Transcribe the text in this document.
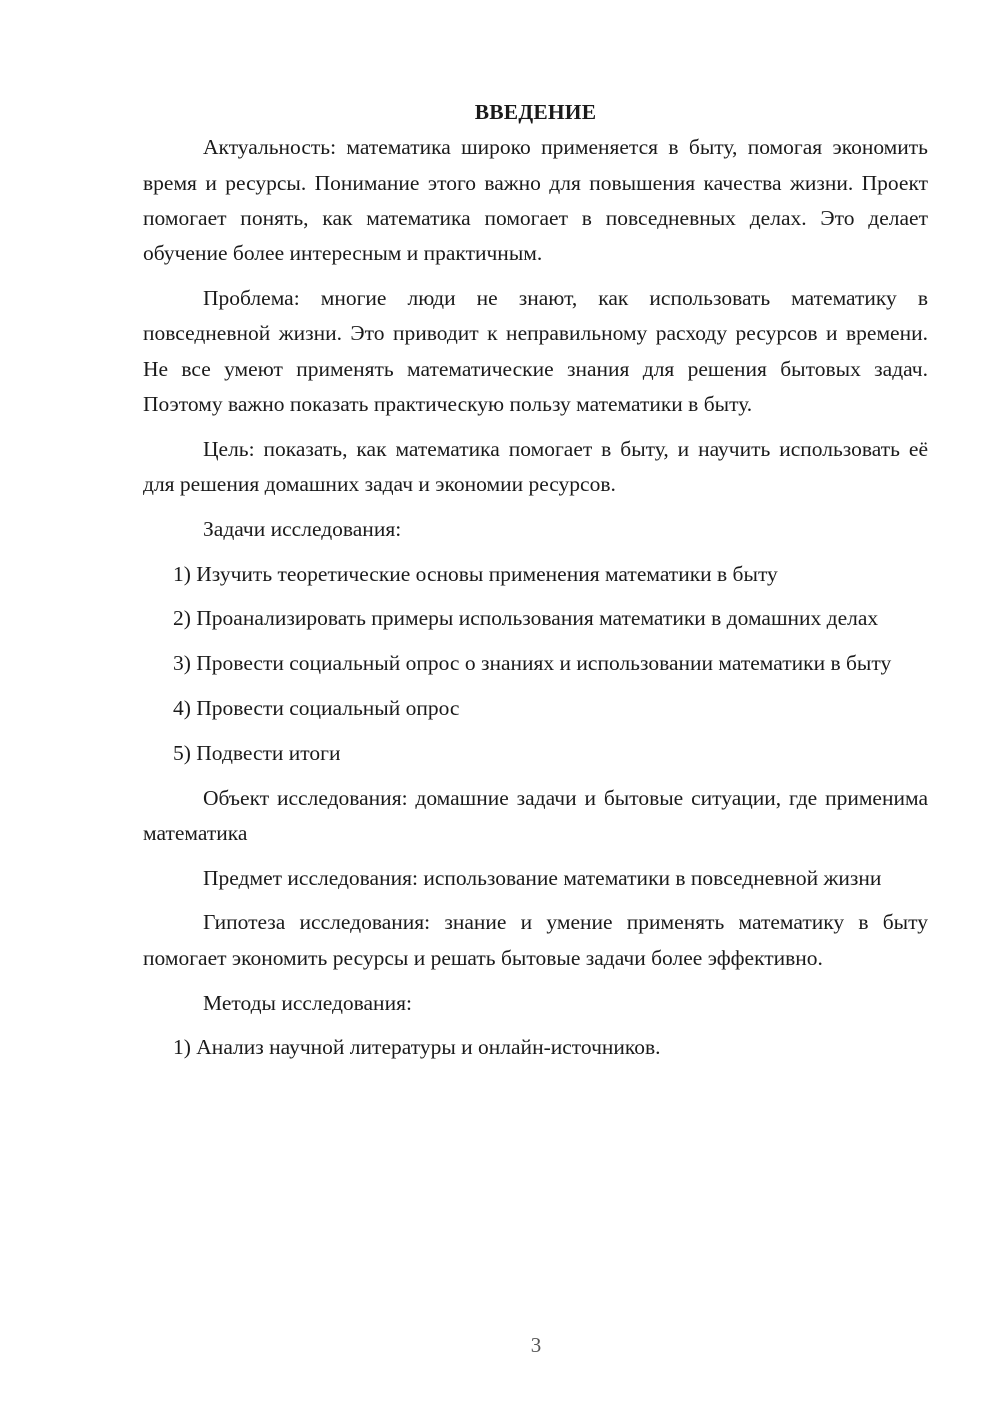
ВВЕДЕНИЕ

Актуальность: математика широко применяется в быту, помогая экономить время и ресурсы. Понимание этого важно для повышения качества жизни. Проект помогает понять, как математика помогает в повседневных делах. Это делает обучение более интересным и практичным.

Проблема: многие люди не знают, как использовать математику в повседневной жизни. Это приводит к неправильному расходу ресурсов и времени. Не все умеют применять математические знания для решения бытовых задач. Поэтому важно показать практическую пользу математики в быту.

Цель: показать, как математика помогает в быту, и научить использовать её для решения домашних задач и экономии ресурсов.

Задачи исследования:

1) Изучить теоретические основы применения математики в быту

2) Проанализировать примеры использования математики в домашних делах

3) Провести социальный опрос о знаниях и использовании математики в быту

4) Провести социальный опрос

5) Подвести итоги

Объект исследования: домашние задачи и бытовые ситуации, где применима математика

Предмет исследования: использование математики в повседневной жизни

Гипотеза исследования: знание и умение применять математику в быту помогает экономить ресурсы и решать бытовые задачи более эффективно.

Методы исследования:

1) Анализ научной литературы и онлайн-источников.

3
